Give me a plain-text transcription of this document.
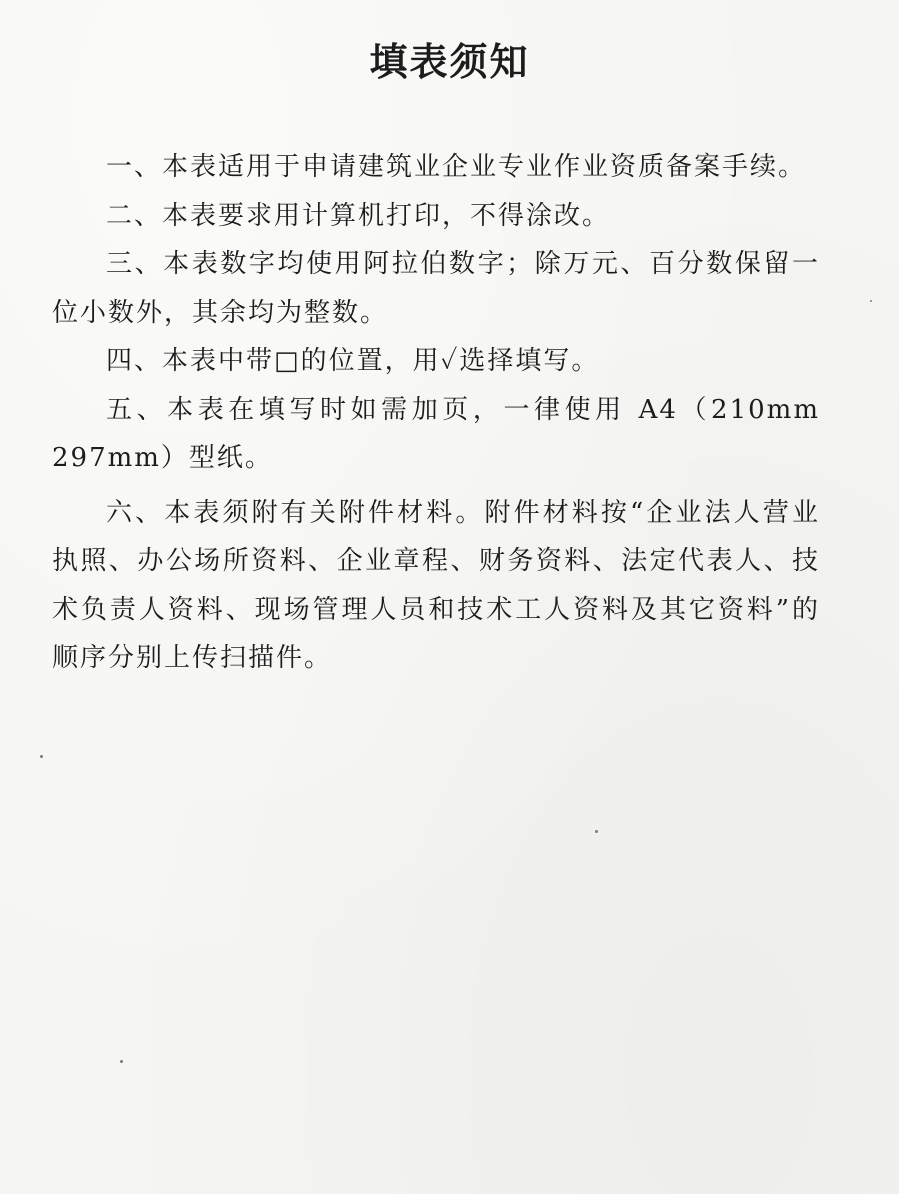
填表须知

一、本表适用于申请建筑业企业专业作业资质备案手续。

二、本表要求用计算机打印，不得涂改。

三、本表数字均使用阿拉伯数字；除万元、百分数保留一位小数外，其余均为整数。

四、本表中带□的位置，用✓选择填写。

五、本表在填写时如需加页，一律使用 A4（210mm 297mm）型纸。

六、本表须附有关附件材料。附件材料按“企业法人营业执照、办公场所资料、企业章程、财务资料、法定代表人、技术负责人资料、现场管理人员和技术工人资料及其它资料”的顺序分别上传扫描件。
